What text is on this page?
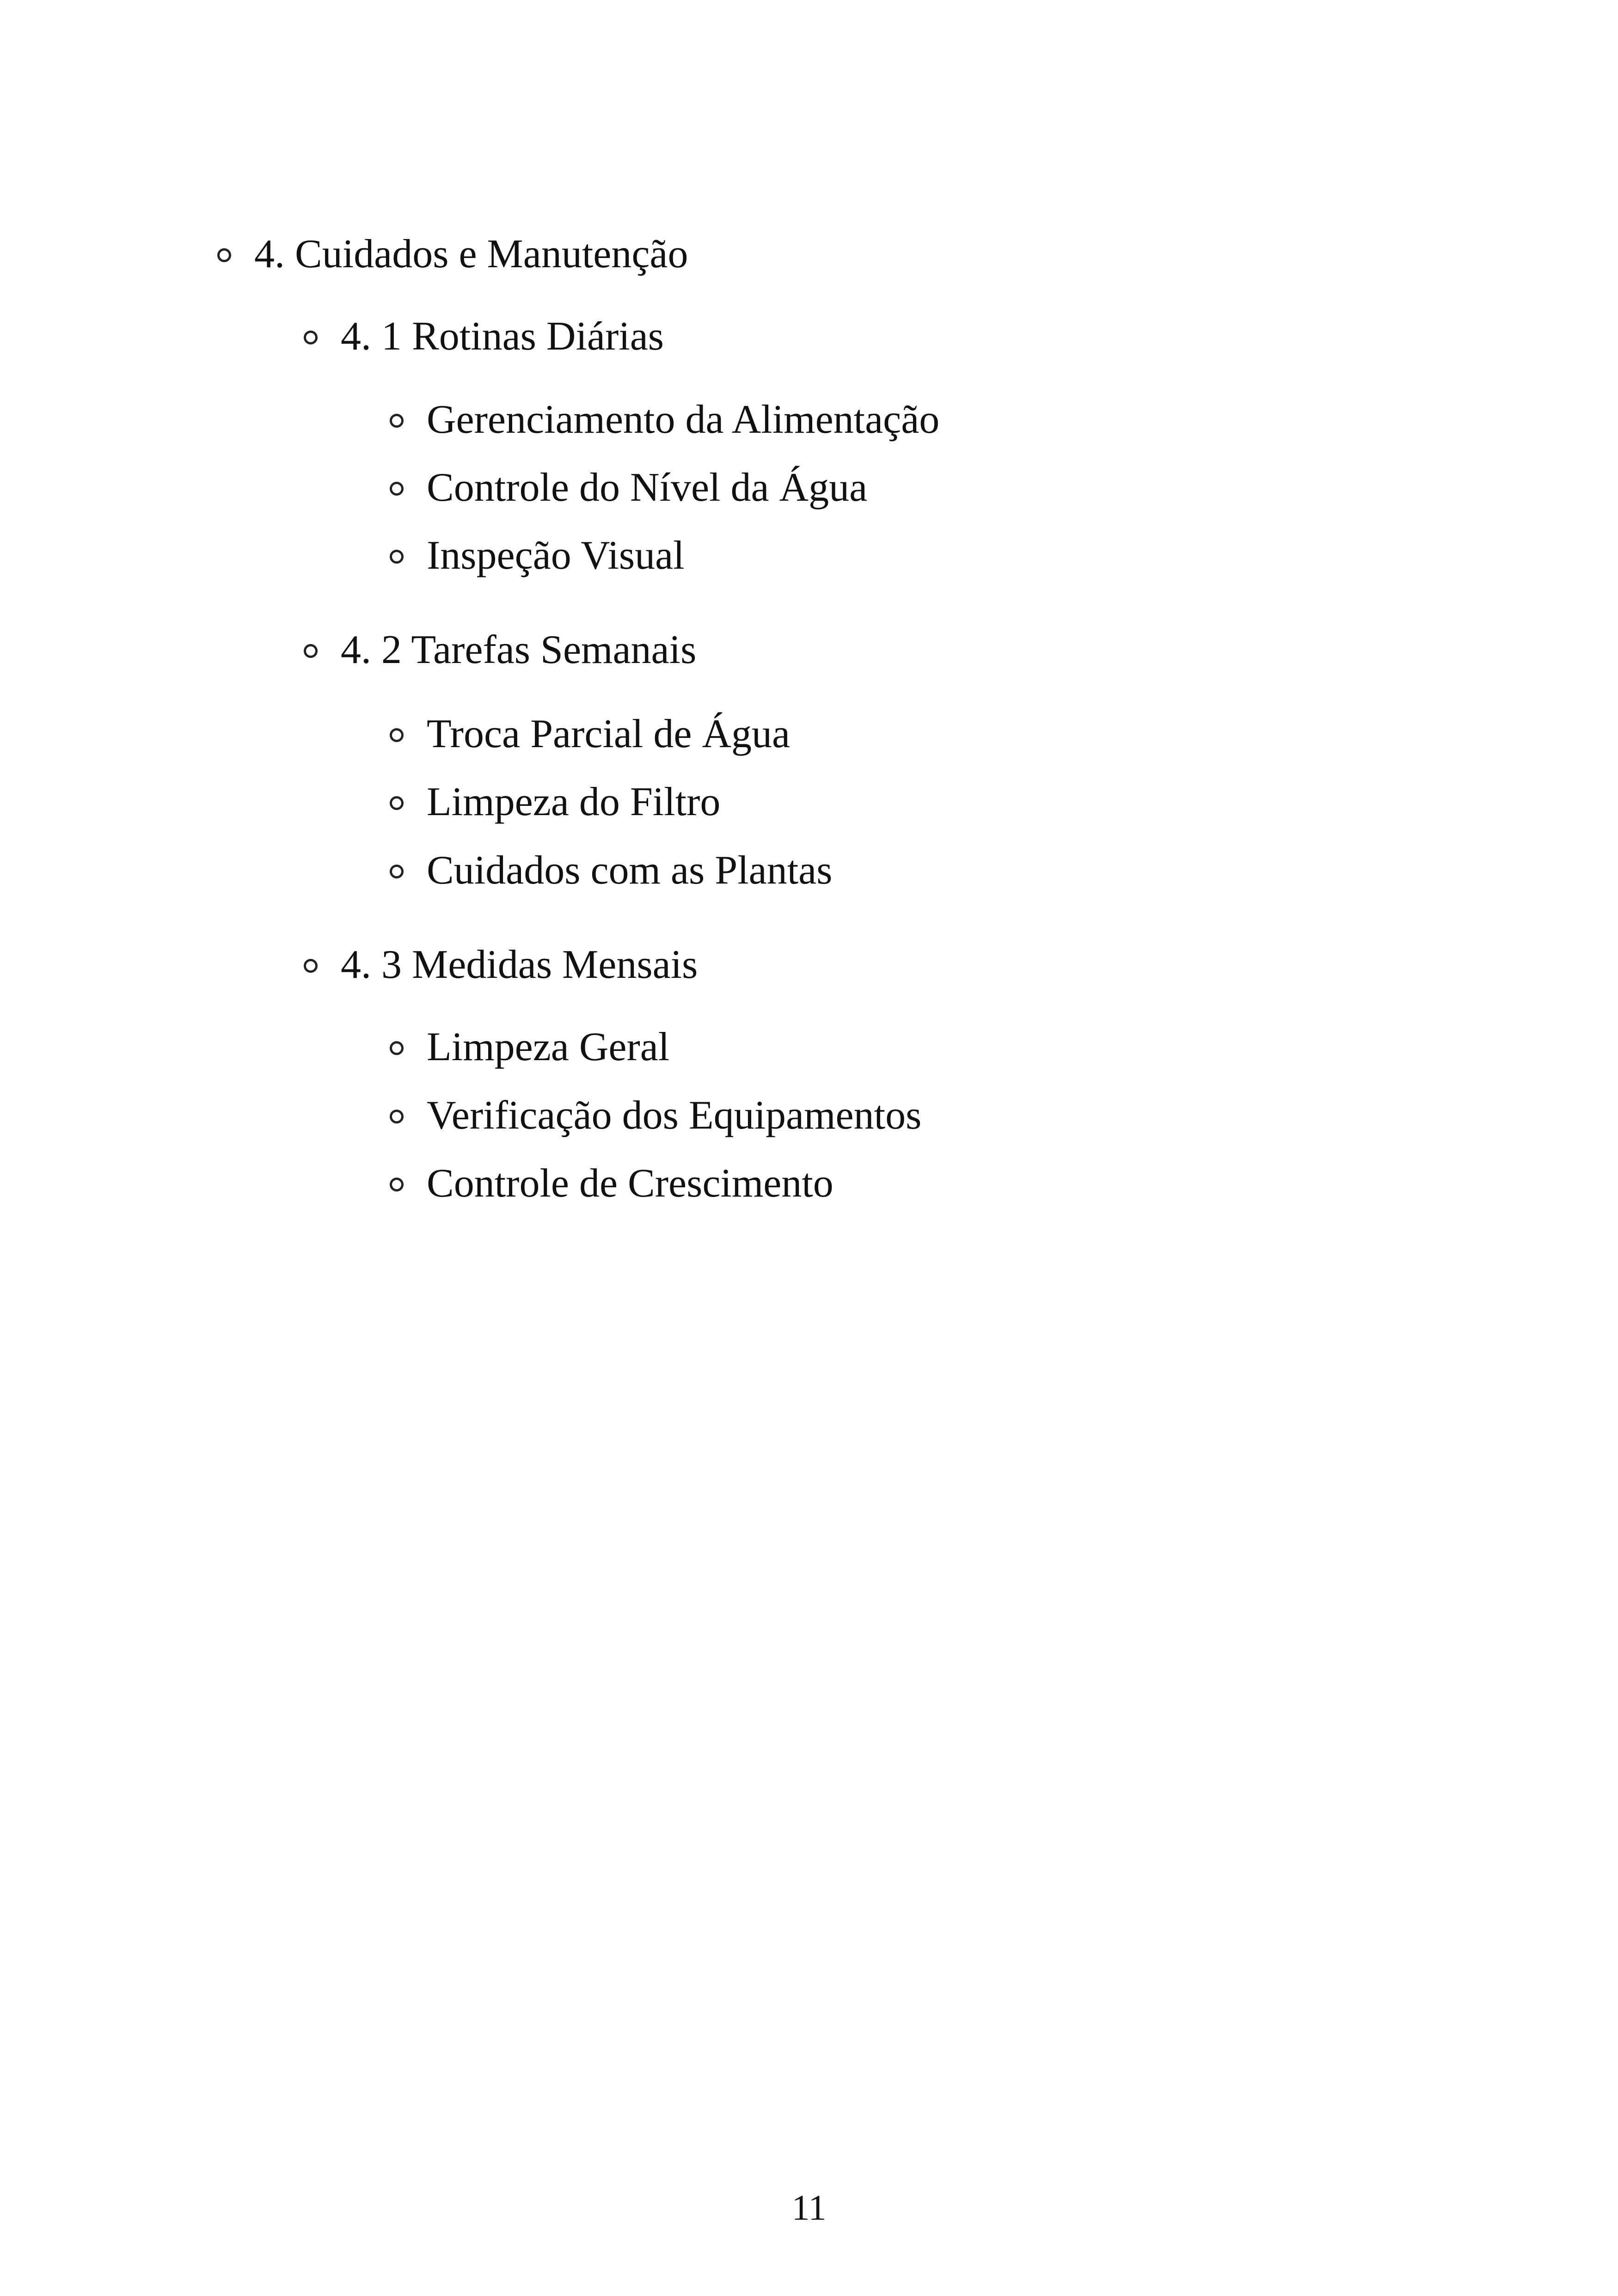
4. Cuidados e Manutenção
4. 1 Rotinas Diárias
Gerenciamento da Alimentação
Controle do Nível da Água
Inspeção Visual
4. 2 Tarefas Semanais
Troca Parcial de Água
Limpeza do Filtro
Cuidados com as Plantas
4. 3 Medidas Mensais
Limpeza Geral
Verificação dos Equipamentos
Controle de Crescimento
11
